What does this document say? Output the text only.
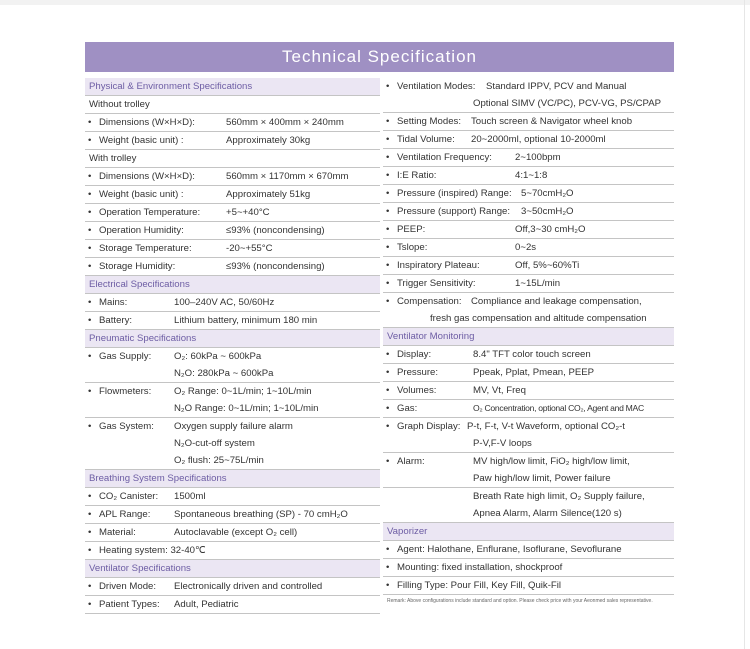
Technical Specification
Physical & Environment Specifications
Without trolley
• Dimensions (W×H×D):	560mm × 400mm × 240mm
• Weight (basic unit) :	Approximately 30kg
With trolley
• Dimensions (W×H×D):	560mm × 1170mm × 670mm
• Weight (basic unit) :	Approximately 51kg
• Operation Temperature:	+5~+40°C
• Operation Humidity:	≤93% (noncondensing)
• Storage Temperature:	-20~+55°C
• Storage Humidity:	≤93% (noncondensing)
Electrical Specifications
• Mains:	100–240V AC, 50/60Hz
• Battery:	Lithium battery, minimum 180 min
Pneumatic Specifications
• Gas Supply: O₂: 60kPa ~ 600kPa
N₂O: 280kPa ~ 600kPa
• Flowmeters: O₂ Range: 0~1L/min; 1~10L/min
N₂O Range: 0~1L/min; 1~10L/min
• Gas System: Oxygen supply failure alarm
N₂O-cut-off system
O₂ flush: 25~75L/min
Breathing System Specifications
• CO₂ Canister: 1500ml
• APL Range: Spontaneous breathing (SP) - 70 cmH₂O
• Material:	Autoclavable (except O₂ cell)
• Heating system: 32-40℃
Ventilator Specifications
• Driven Mode: Electronically driven and controlled
• Patient Types: Adult, Pediatric
• Ventilation Modes: Standard IPPV, PCV and Manual
Optional SIMV (VC/PC), PCV-VG, PS/CPAP
• Setting Modes: Touch screen & Navigator wheel knob
• Tidal Volume: 20~2000ml, optional 10-2000ml
• Ventilation Frequency: 2~100bpm
• I:E Ratio:	4:1~1:8
• Pressure (inspired) Range: 5~70cmH₂O
• Pressure (support) Range: 3~50cmH₂O
• PEEP:	Off,3~30 cmH₂O
• Tslope:	0~2s
• Inspiratory Plateau:	Off, 5%~60%Ti
• Trigger Sensitivity:	1~15L/min
• Compensation: Compliance and leakage compensation,
fresh gas compensation and altitude compensation
Ventilator Monitoring
• Display:	8.4" TFT color touch screen
• Pressure:	Ppeak, Pplat, Pmean, PEEP
• Volumes:	MV, Vt, Freq
• Gas:	O₂ Concentration, optional CO₂, Agent and MAC
• Graph Display: P-t, F-t, V-t Waveform, optional CO₂-t
P-V,F-V loops
• Alarm:	MV high/low limit, FiO₂ high/low limit,
Paw high/low limit, Power failure
Breath Rate high limit, O₂ Supply failure,
Apnea Alarm, Alarm Silence(120 s)
Vaporizer
• Agent: Halothane, Enflurane, Isoflurane, Sevoflurane
• Mounting: fixed installation, shockproof
• Filling Type: Pour Fill, Key Fill, Quik-Fil
Remark: Above configurations include standard and option. Please check price with your Aeonmed sales representative.
